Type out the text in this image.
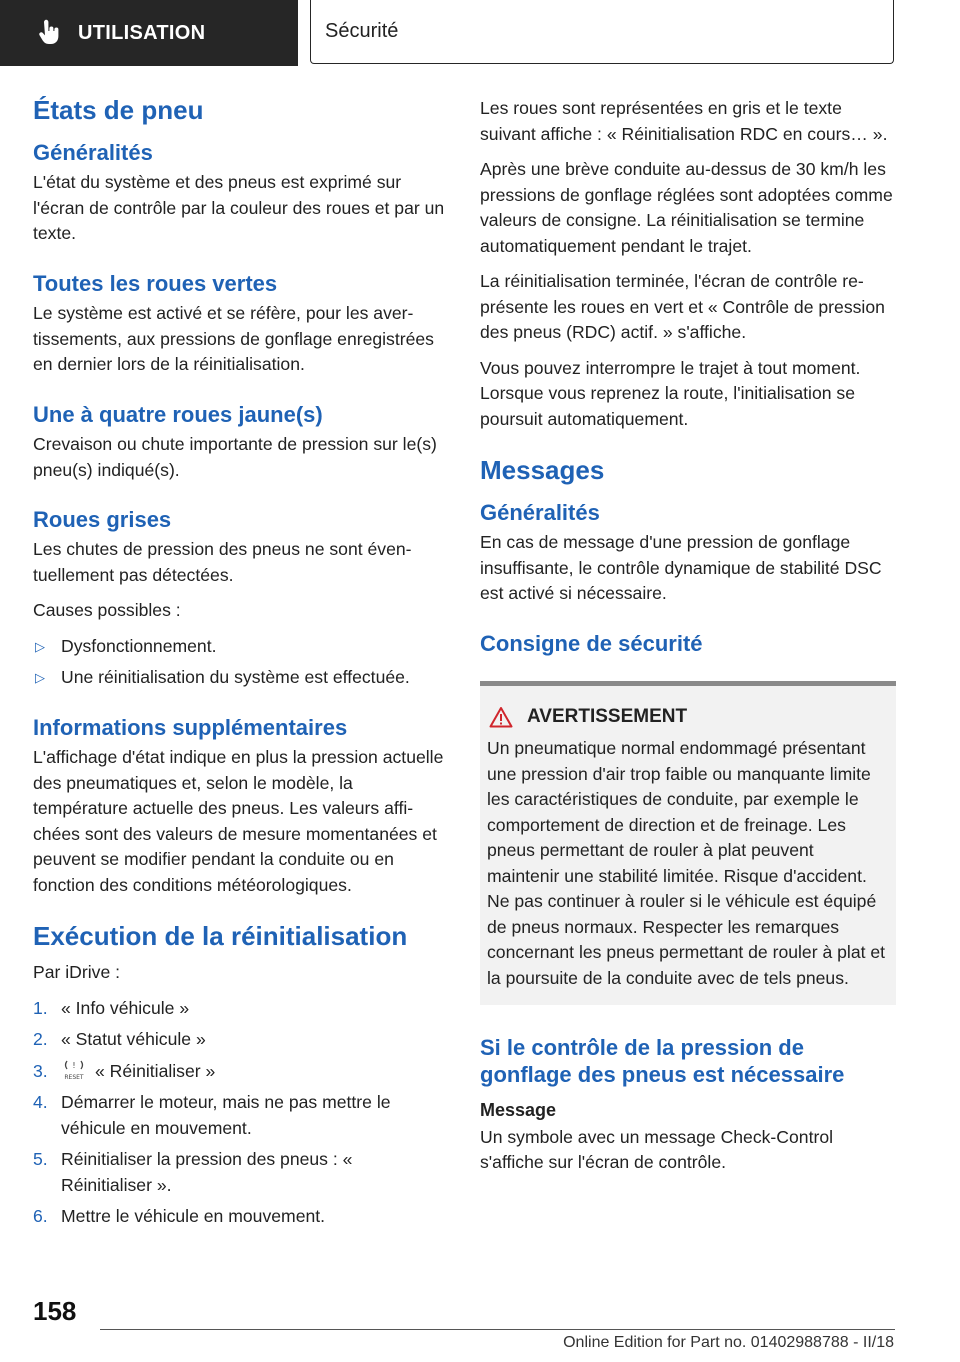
UTILISATION	Sécurité
États de pneu
Généralités

L'état du système et des pneus est exprimé sur l'écran de contrôle par la couleur des roues et par un texte.

Toutes les roues vertes

Le système est activé et se réfère, pour les avertissements, aux pressions de gonflage enregistrées en dernier lors de la réinitialisation.

Une à quatre roues jaune(s)

Crevaison ou chute importante de pression sur le(s) pneu(s) indiqué(s).

Roues grises

Les chutes de pression des pneus ne sont éventuellement pas détectées.

Causes possibles :

▷ Dysfonctionnement.
▷ Une réinitialisation du système est effectuée.
Informations supplémentaires

L'affichage d'état indique en plus la pression actuelle des pneumatiques et, selon le modèle, la température actuelle des pneus. Les valeurs affichées sont des valeurs de mesure momentanées et peuvent se modifier pendant la conduite ou en fonction des conditions météorologiques.

Exécution de la réinitialisation

Par iDrive :

1. « Info véhicule »
2. « Statut véhicule »
3.	!
RESET « Réinitialiser »
4. Démarrer le moteur, mais ne pas mettre le véhicule en mouvement.
5. Réinitialiser la pression des pneus : « Réinitialiser ».
6. Mettre le véhicule en mouvement.

Les roues sont représentées en gris et le texte suivant affiche : « Réinitialisation RDC en cours… ».

Après une brève conduite au-dessus de 30 km/h les pressions de gonflage réglées sont adoptées comme valeurs de consigne. La réinitialisation se termine automatiquement pendant le trajet.

La réinitialisation terminée, l'écran de contrôle représente les roues en vert et « Contrôle de pression des pneus (RDC) actif. » s'affiche.

Vous pouvez interrompre le trajet à tout moment. Lorsque vous reprenez la route, l'initialisation se poursuit automatiquement.

Messages
Généralités

En cas de message d'une pression de gonflage insuffisante, le contrôle dynamique de stabilité DSC est activé si nécessaire.

Consigne de sécurité
AVERTISSEMENT

Un pneumatique normal endommagé présentant une pression d'air trop faible ou manquante limite les caractéristiques de conduite, par exemple le comportement de direction et de freinage. Les pneus permettant de rouler à plat peuvent maintenir une stabilité limitée. Risque d'accident. Ne pas continuer à rouler si le véhicule est équipé de pneus normaux. Respecter les remarques concernant les pneus permettant de rouler à plat et la poursuite de la conduite avec de tels pneus.

Si le contrôle de la pression de gonflage des pneus est nécessaire
Message

Un symbole avec un message Check-Control s'affiche sur l'écran de contrôle.

158
Online Edition for Part no. 01402988788 - II/18
